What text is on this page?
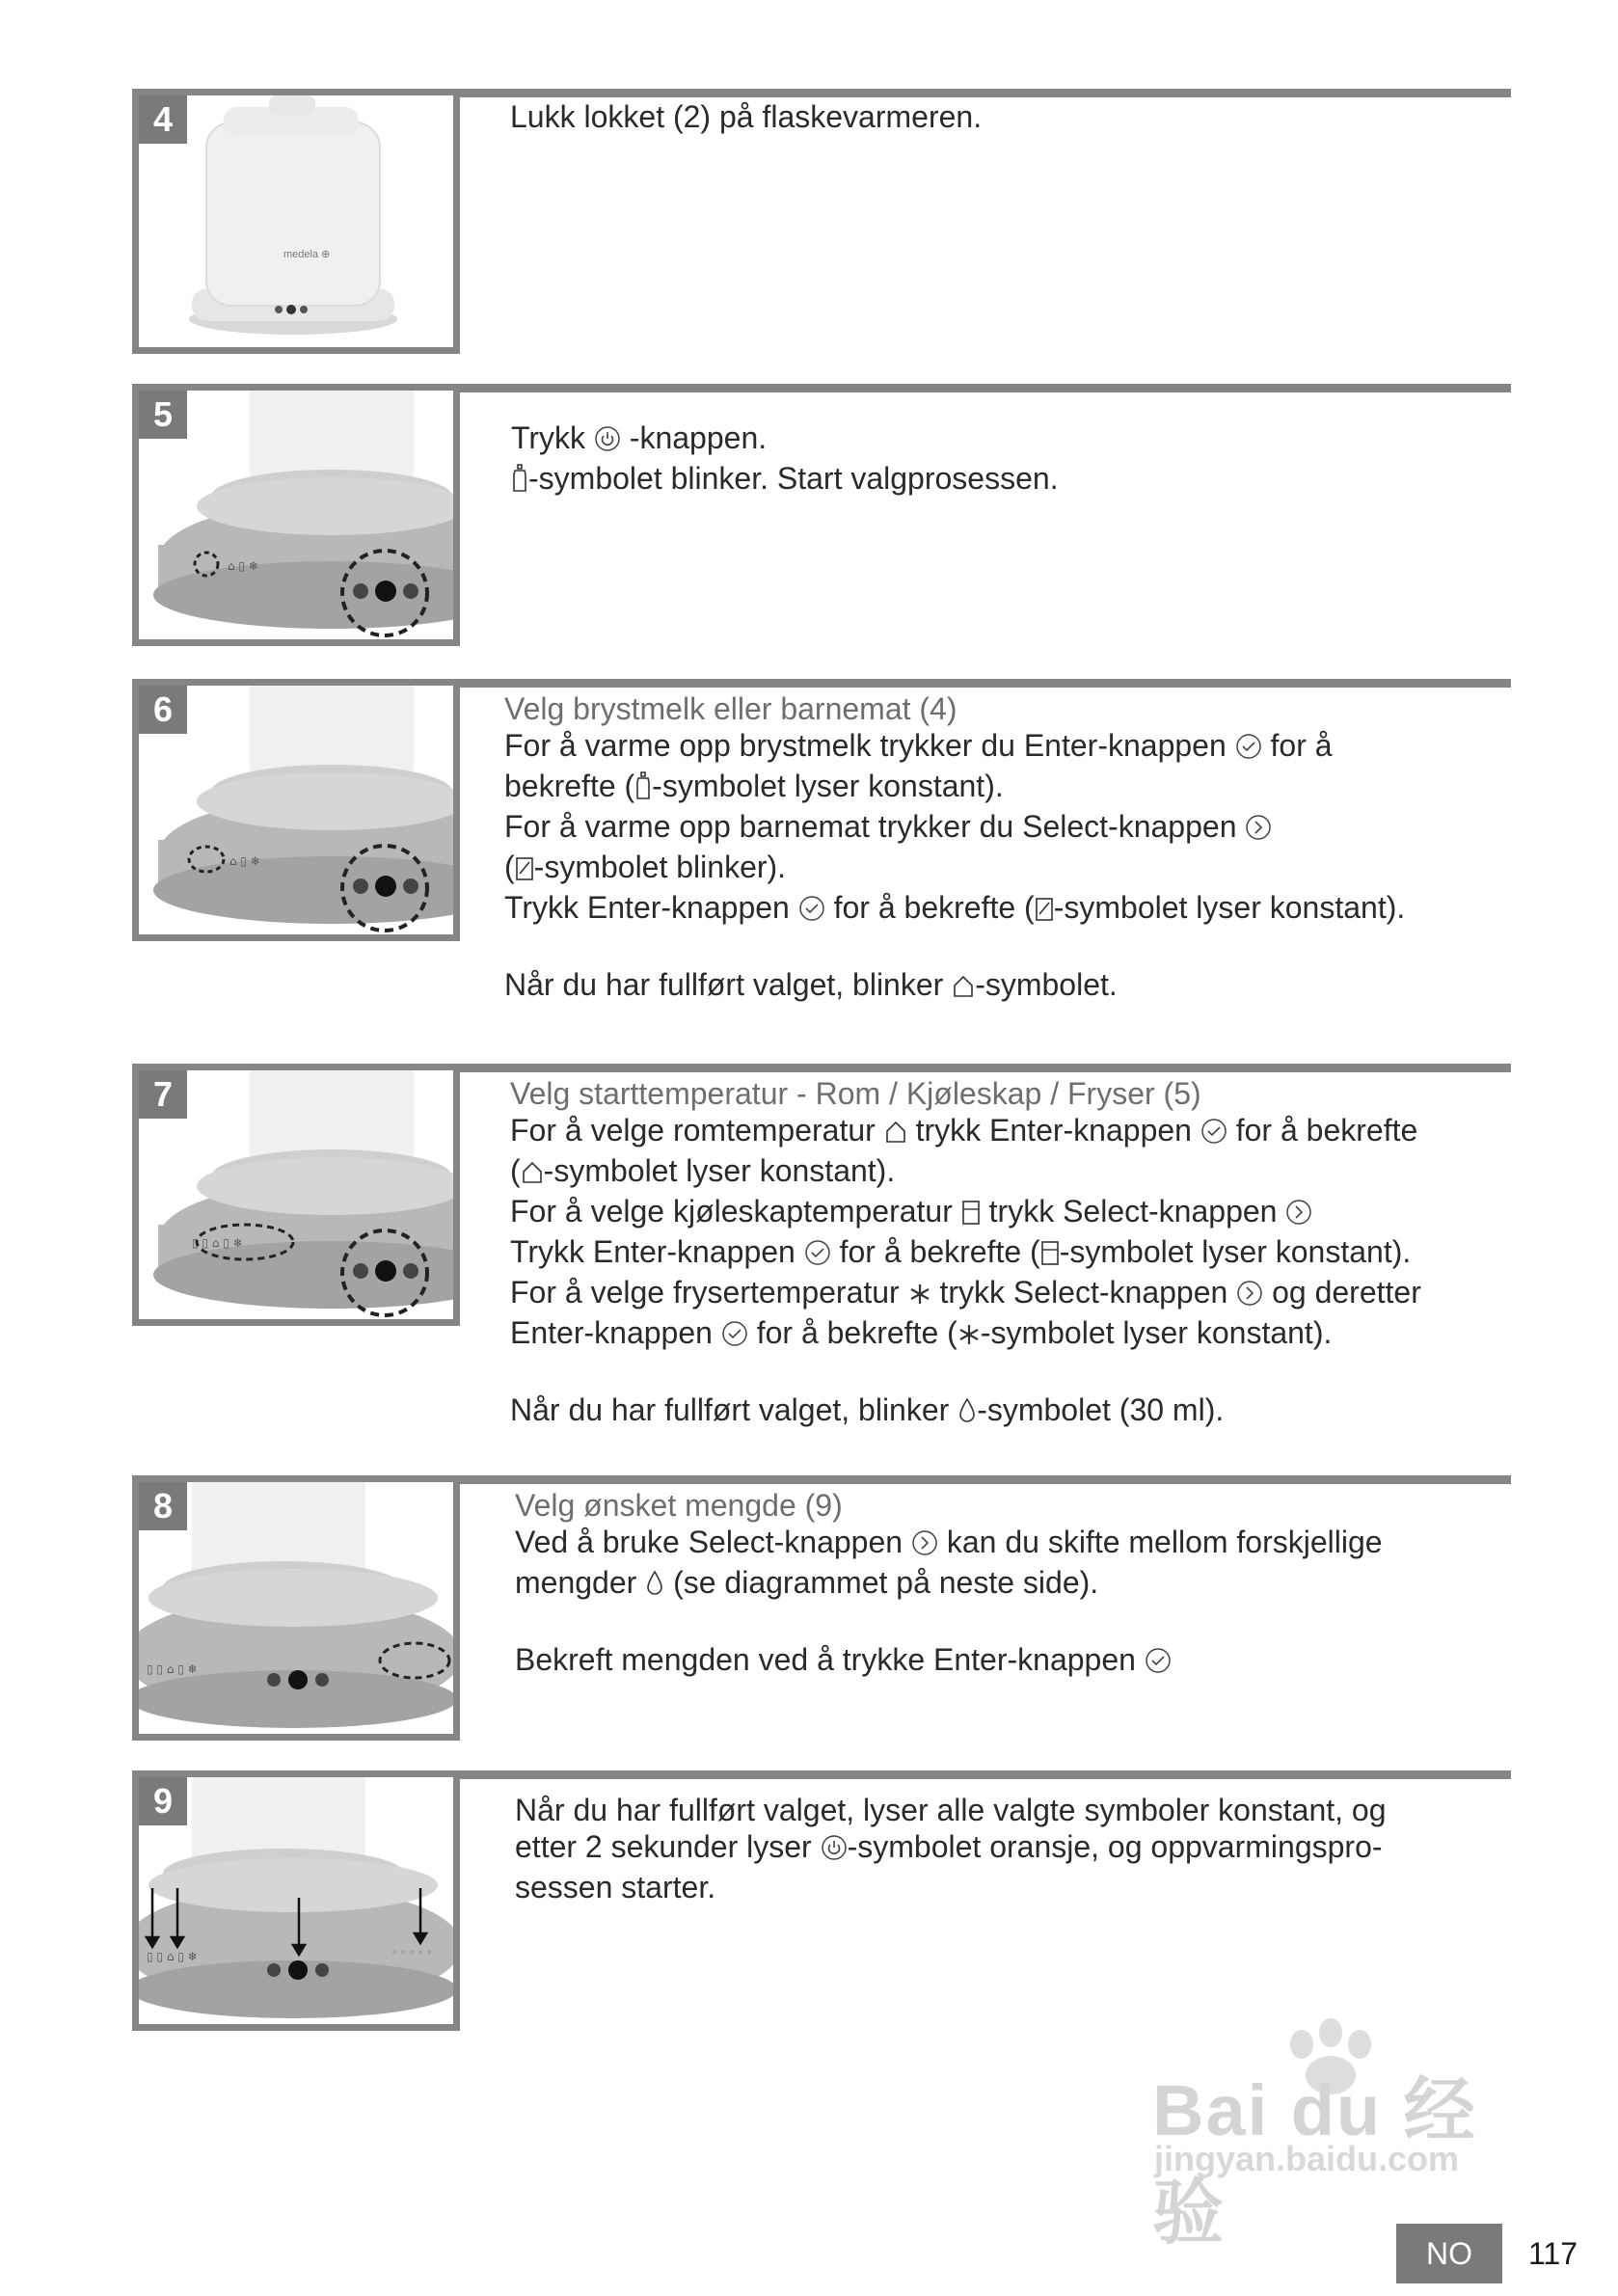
medela ⊕
4	Lukk lokket (2) på flaskevarmeren.
⌂ ▯ ❄
5
Trykk  -knappen.
-symbolet blinker. Start valgprosessen.
⌂ ▯ ❄
6	Velg brystmelk eller barnemat (4)
For å varme opp brystmelk trykker du Enter-knappen  for å
bekrefte ( -symbolet lyser konstant).
For å varme opp barnemat trykker du Select-knappen
( -symbolet blinker).
Trykk Enter-knappen  for å bekrefte ( -symbolet lyser konstant).
Når du har fullført valget, blinker -symbolet.
▯ ▯ ⌂ ▯ ❄
7	Velg starttemperatur - Rom / Kjøleskap / Fryser (5)
For å velge romtemperatur  trykk Enter-knappen  for å bekrefte
( -symbolet lyser konstant).
For å velge kjøleskaptemperatur  trykk Select-knappen
Trykk Enter-knappen  for å bekrefte ( -symbolet lyser konstant).
For å velge frysertemperatur  trykk Select-knappen  og deretter
Enter-knappen  for å bekrefte ( -symbolet lyser konstant).
Når du har fullført valget, blinker -symbolet (30 ml).
▯ ▯ ⌂ ▯ ❄
8	Velg ønsket mengde (9)
Ved å bruke Select-knappen  kan du skifte mellom forskjellige
mengder  (se diagrammet på neste side).
Bekreft mengden ved å trykke Enter-knappen
▯ ▯ ⌂ ▯ ❄	◦ ◦ ◦ ◦ ◦
9	Når du har fullført valget, lyser alle valgte symboler konstant, og
etter 2 sekunder lyser -symbolet oransje, og oppvarmingspro-
sessen starter.
Bai du 经验
jingyan.baidu.com
NO	117
